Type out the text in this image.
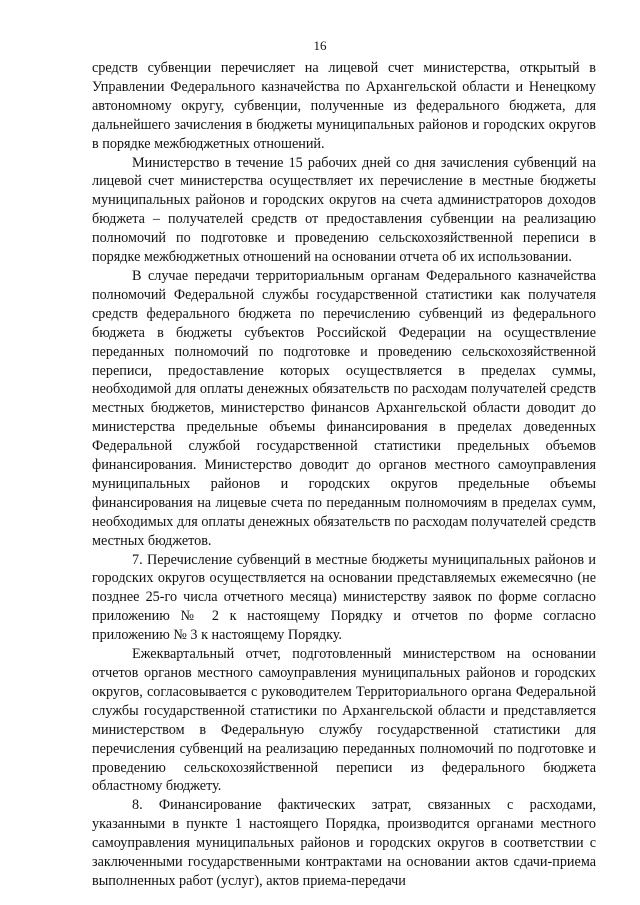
16

средств субвенции перечисляет на лицевой счет министерства, открытый в Управлении Федерального казначейства по Архангельской области и Ненецкому автономному округу, субвенции, полученные из федерального бюджета, для дальнейшего зачисления в бюджеты муниципальных районов и городских округов в порядке межбюджетных отношений.

Министерство в течение 15 рабочих дней со дня зачисления субвенций на лицевой счет министерства осуществляет их перечисление в местные бюджеты муниципальных районов и городских округов на счета администраторов доходов бюджета – получателей средств от предоставления субвенции на реализацию полномочий по подготовке и проведению сельскохозяйственной переписи в порядке межбюджетных отношений на основании отчета об их использовании.

В случае передачи территориальным органам Федерального казначейства полномочий Федеральной службы государственной статистики как получателя средств федерального бюджета по перечислению субвенций из федерального бюджета в бюджеты субъектов Российской Федерации на осуществление переданных полномочий по подготовке и проведению сельскохозяйственной переписи, предоставление которых осуществляется в пределах суммы, необходимой для оплаты денежных обязательств по расходам получателей средств местных бюджетов, министерство финансов Архангельской области доводит до министерства предельные объемы финансирования в пределах доведенных Федеральной службой государственной статистики предельных объемов финансирования. Министерство доводит до органов местного самоуправления муниципальных районов и городских округов предельные объемы финансирования на лицевые счета по переданным полномочиям в пределах сумм, необходимых для оплаты денежных обязательств по расходам получателей средств местных бюджетов.

7. Перечисление субвенций в местные бюджеты муниципальных районов и городских округов осуществляется на основании представляемых ежемесячно (не позднее 25-го числа отчетного месяца) министерству заявок по форме согласно приложению № 2 к настоящему Порядку и отчетов по форме согласно приложению № 3 к настоящему Порядку.

Ежеквартальный отчет, подготовленный министерством на основании отчетов органов местного самоуправления муниципальных районов и городских округов, согласовывается с руководителем Территориального органа Федеральной службы государственной статистики по Архангельской области и представляется министерством в Федеральную службу государственной статистики для перечисления субвенций на реализацию переданных полномочий по подготовке и проведению сельскохозяйственной переписи из федерального бюджета областному бюджету.

8. Финансирование фактических затрат, связанных с расходами, указанными в пункте 1 настоящего Порядка, производится органами местного самоуправления муниципальных районов и городских округов в соответствии с заключенными государственными контрактами на основании актов сдачи-приема выполненных работ (услуг), актов приема-передачи
